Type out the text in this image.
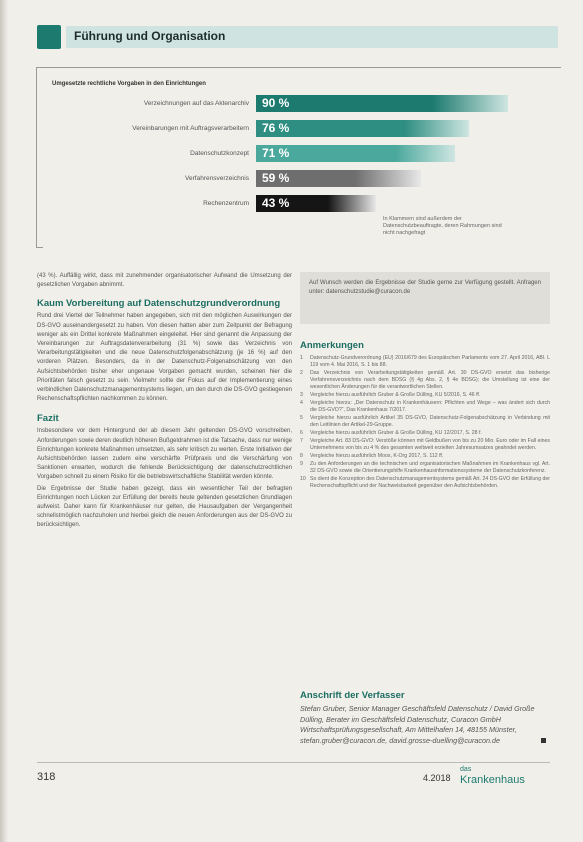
Führung und Organisation
Umgesetzte rechtliche Vorgaben in den Einrichtungen
Verzeichnungen auf das Aktenarchiv 90 %
Vereinbarungen mit Auftragsverarbeitern 76 %
Datenschutzkonzept 71 %
Verfahrensverzeichnis 59 %
Rechenzentrum 43 %
In Klammern sind außerdem der Datenschutzbeauftragte, deren Rahmungen sind nicht nachgefragt
(43 %). Auffällig wirkt, dass mit zunehmender organisatorischer Aufwand die Umsetzung der gesetzlichen Vorgaben abnimmt.
Kaum Vorbereitung auf Datenschutzgrundverordnung
Rund drei Viertel der Teilnehmer haben angegeben, sich mit den möglichen Auswirkungen der DS-GVO auseinandergesetzt zu haben. Von diesen hatten aber zum Zeitpunkt der Befragung weniger als ein Drittel konkrete Maßnahmen eingeleitet. Hier sind genannt die Anpassung der Vereinbarungen zur Auftragsdatenverarbeitung (31 %) sowie das Verzeichnis von Verarbeitungstätigkeiten und die neue Datenschutzfolgenabschätzung (je 16 %) auf den vorderen Plätzen. Besonders, da in der Datenschutz-Folgenabschätzung von den Aufsichtsbehörden bisher eher ungenaue Vorgaben gemacht wurden, scheinen hier die Prioritäten falsch gesetzt zu sein. Vielmehr sollte der Fokus auf der Implementierung eines verbindlichen Datenschutzmanagementsystems liegen, um den durch die DS-GVO gestiegenen Rechenschaftspflichten nachkommen zu können.
Fazit
Insbesondere vor dem Hintergrund der ab diesem Jahr geltenden DS-GVO vorschreiben, Anforderungen sowie deren deutlich höheren Bußgeldrahmen ist die Tatsache, dass nur wenige Einrichtungen konkrete Maßnahmen umsetzten, als sehr kritisch zu werten. Erste Initiativen der Aufsichtsbehörden lassen zudem eine verschärfte Prüfpraxis und die Verschärfung von Sanktionen erwarten, wodurch die fehlende Berücksichtigung der datenschutzrechtlichen Vorgaben schnell zu einem Risiko für die betriebswirtschaftliche Stabilität werden könnte.
Die Ergebnisse der Studie haben gezeigt, dass ein wesentlicher Teil der befragten Einrichtungen noch Lücken zur Erfüllung der bereits heute geltenden gesetzlichen Grundlagen aufweist. Daher kann für Krankenhäuser nur gelten, die Hausaufgaben der Vergangenheit schnellstmöglich nachzuholen und hierbei gleich die neuen Anforderungen aus der DS-GVO zu berücksichtigen.
Auf Wunsch werden die Ergebnisse der Studie gerne zur Verfügung gestellt. Anfragen unter: datenschutzstudie@curacon.de
Anmerkungen
1 Datenschutz-Grundverordnung (EU) 2016/679 des Europäischen Parlaments vom 27. April 2016, ABl. L 119 vom 4. Mai 2016, S. 1 bis 88.
2 Das Verzeichnis von Verarbeitungstätigkeiten gemäß Art. 30 DS-GVO ersetzt das bisherige Verfahrensverzeichnis nach dem BDSG (§ 4g Abs. 2, § 4e BDSG); die Umstellung ist eine der wesentlichen Änderungen für die verantwortlichen Stellen.
3 Vergleiche hierzu ausführlich Gruber & Große Dülling, KU 5/2016, S. 46 ff.
4 Vergleiche hierzu: „Der Datenschutz in Krankenhäusern: Pflichten und Wege – was ändert sich durch die DS-GVO?“, Das Krankenhaus 7/2017.
5 Vergleiche hierzu ausführlich Artikel 35 DS-GVO, Datenschutz-Folgenabschätzung in Verbindung mit den Leitlinien der Artikel-29-Gruppe.
6 Vergleiche hierzu ausführlich Gruber & Große Dülling, KU 12/2017, S. 28 f.
7 Vergleiche Art. 83 DS-GVO: Verstöße können mit Geldbußen von bis zu 20 Mio. Euro oder im Fall eines Unternehmens von bis zu 4 % des gesamten weltweit erzielten Jahresumsatzes geahndet werden.
8 Vergleiche hierzu ausführlich Moos, K-Org 2017, S. 112 ff.
9 Zu den Anforderungen an die technischen und organisatorischen Maßnahmen im Krankenhaus vgl. Art. 32 DS-GVO sowie die Orientierungshilfe Krankenhausinformationssysteme der Datenschutzkonferenz.
10 So dient die Konzeption des Datenschutzmanagementsystems gemäß Art. 24 DS-GVO der Erfüllung der Rechenschaftspflicht und der Nachweisbarkeit gegenüber den Aufsichtsbehörden.
Anschrift der Verfasser
Stefan Gruber, Senior Manager Geschäftsfeld Datenschutz / David Große Dülling, Berater im Geschäftsfeld Datenschutz, Curacon GmbH Wirtschaftsprüfungsgesellschaft, Am Mittelhafen 14, 48155 Münster, stefan.gruber@curacon.de, david.grosse-duelling@curacon.de
318	4.2018
das
Krankenhaus
